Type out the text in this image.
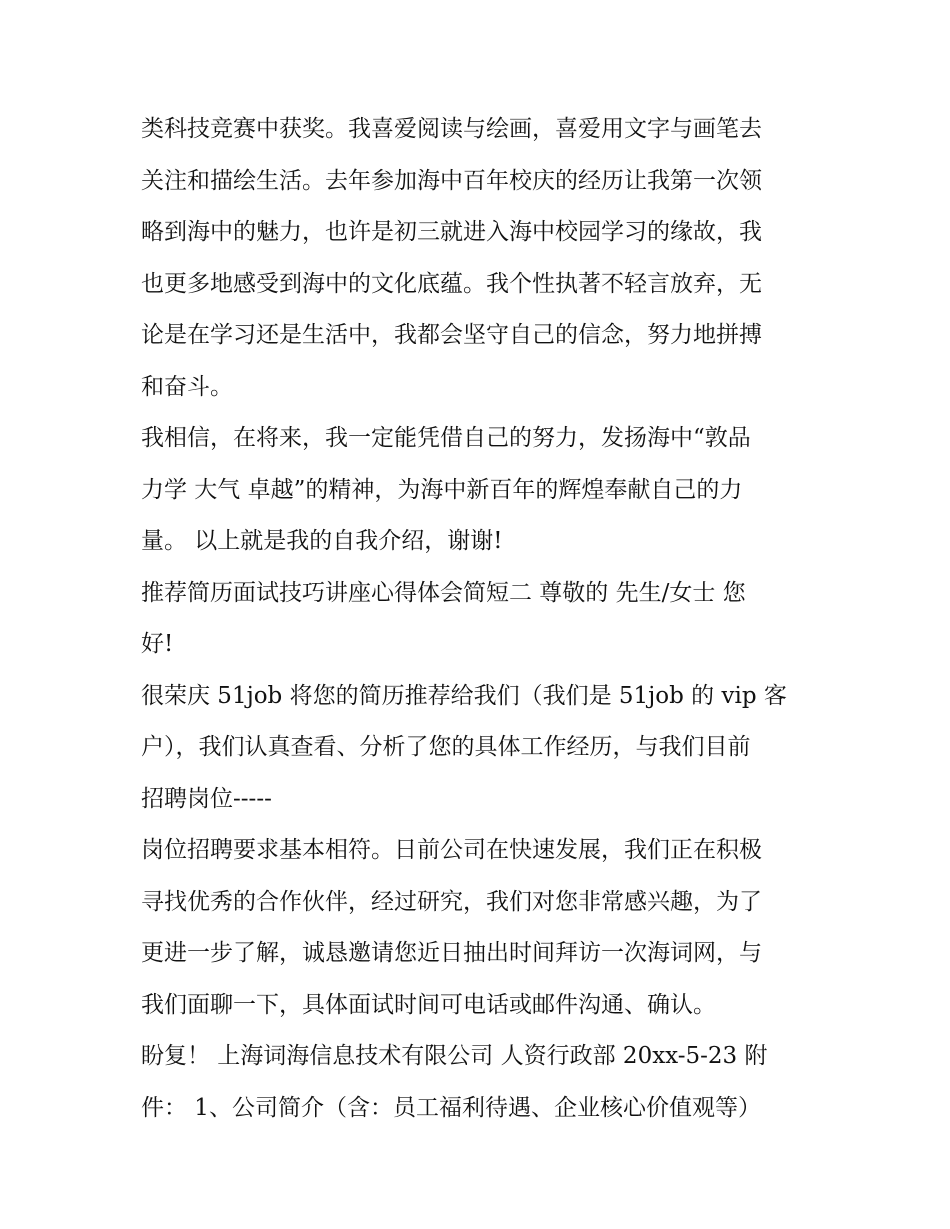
类科技竞赛中获奖。我喜爱阅读与绘画，喜爱用文字与画笔去
关注和描绘生活。去年参加海中百年校庆的经历让我第一次领
略到海中的魅力，也许是初三就进入海中校园学习的缘故，我
也更多地感受到海中的文化底蕴。我个性执著不轻言放弃，无
论是在学习还是生活中，我都会坚守自己的信念，努力地拼搏
和奋斗。
我相信，在将来，我一定能凭借自己的努力，发扬海中“敦品
力学 大气 卓越”的精神，为海中新百年的辉煌奉献自己的力
量。 以上就是我的自我介绍，谢谢!
推荐简历面试技巧讲座心得体会简短二 尊敬的 先生/女士 您
好!
很荣庆 51job 将您的简历推荐给我们（我们是 51job 的 vip 客
户），我们认真查看、分析了您的具体工作经历，与我们目前
招聘岗位-----
岗位招聘要求基本相符。日前公司在快速发展，我们正在积极
寻找优秀的合作伙伴，经过研究，我们对您非常感兴趣，为了
更进一步了解，诚恳邀请您近日抽出时间拜访一次海词网，与
我们面聊一下，具体面试时间可电话或邮件沟通、确认。
盼复！ 上海词海信息技术有限公司 人资行政部 20xx-5-23 附
件： 1、公司简介（含：员工福利待遇、企业核心价值观等）
